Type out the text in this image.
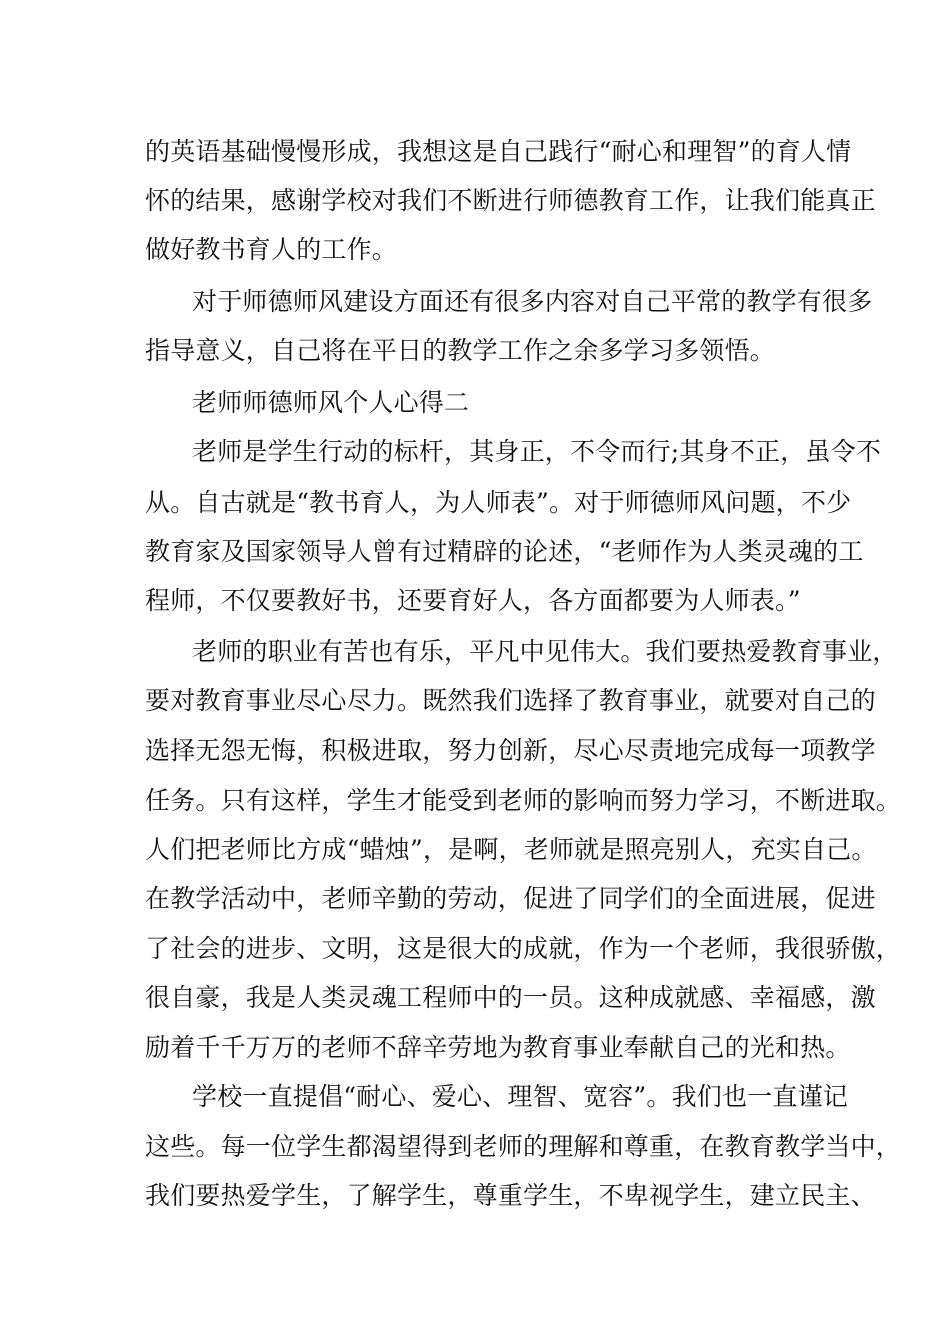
的英语基础慢慢形成，我想这是自己践行“耐心和理智”的育人情
怀的结果，感谢学校对我们不断进行师德教育工作，让我们能真正
做好教书育人的工作。
对于师德师风建设方面还有很多内容对自己平常的教学有很多
指导意义，自己将在平日的教学工作之余多学习多领悟。
老师师德师风个人心得二
老师是学生行动的标杆，其身正，不令而行;其身不正，虽令不
从。自古就是“教书育人，为人师表”。对于师德师风问题，不少
教育家及国家领导人曾有过精辟的论述，“老师作为人类灵魂的工
程师，不仅要教好书，还要育好人，各方面都要为人师表。”
老师的职业有苦也有乐，平凡中见伟大。我们要热爱教育事业，
要对教育事业尽心尽力。既然我们选择了教育事业，就要对自己的
选择无怨无悔，积极进取，努力创新，尽心尽责地完成每一项教学
任务。只有这样，学生才能受到老师的影响而努力学习，不断进取。
人们把老师比方成“蜡烛”，是啊，老师就是照亮别人，充实自己。
在教学活动中，老师辛勤的劳动，促进了同学们的全面进展，促进
了社会的进步、文明，这是很大的成就，作为一个老师，我很骄傲，
很自豪，我是人类灵魂工程师中的一员。这种成就感、幸福感，激
励着千千万万的老师不辞辛劳地为教育事业奉献自己的光和热。
学校一直提倡“耐心、爱心、理智、宽容”。我们也一直谨记
这些。每一位学生都渴望得到老师的理解和尊重，在教育教学当中，
我们要热爱学生，了解学生，尊重学生，不卑视学生，建立民主、
